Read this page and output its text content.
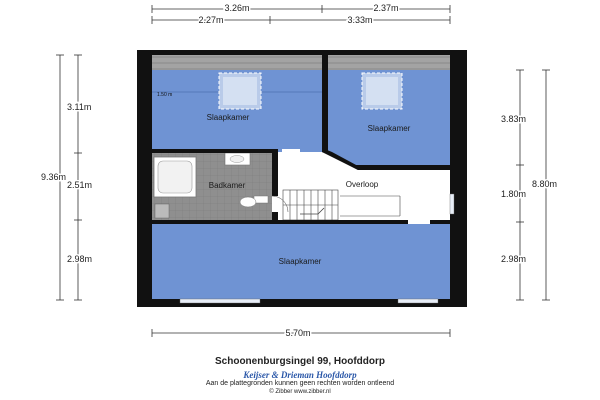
3.26m	2.37m
2.27m	3.33m
9.36m
3.11m
2.51m
2.98m
3.83m
1.80m
2.98m
8.80m
5.70m
1.50 m
Slaapkamer
Slaapkamer
Badkamer	Overloop
Slaapkamer

Schoonenburgsingel 99, Hoofddorp

Keijser & Drieman Hoofddorp

Aan de plattegronden kunnen geen rechten worden ontleend

© Zibber www.zibber.nl
